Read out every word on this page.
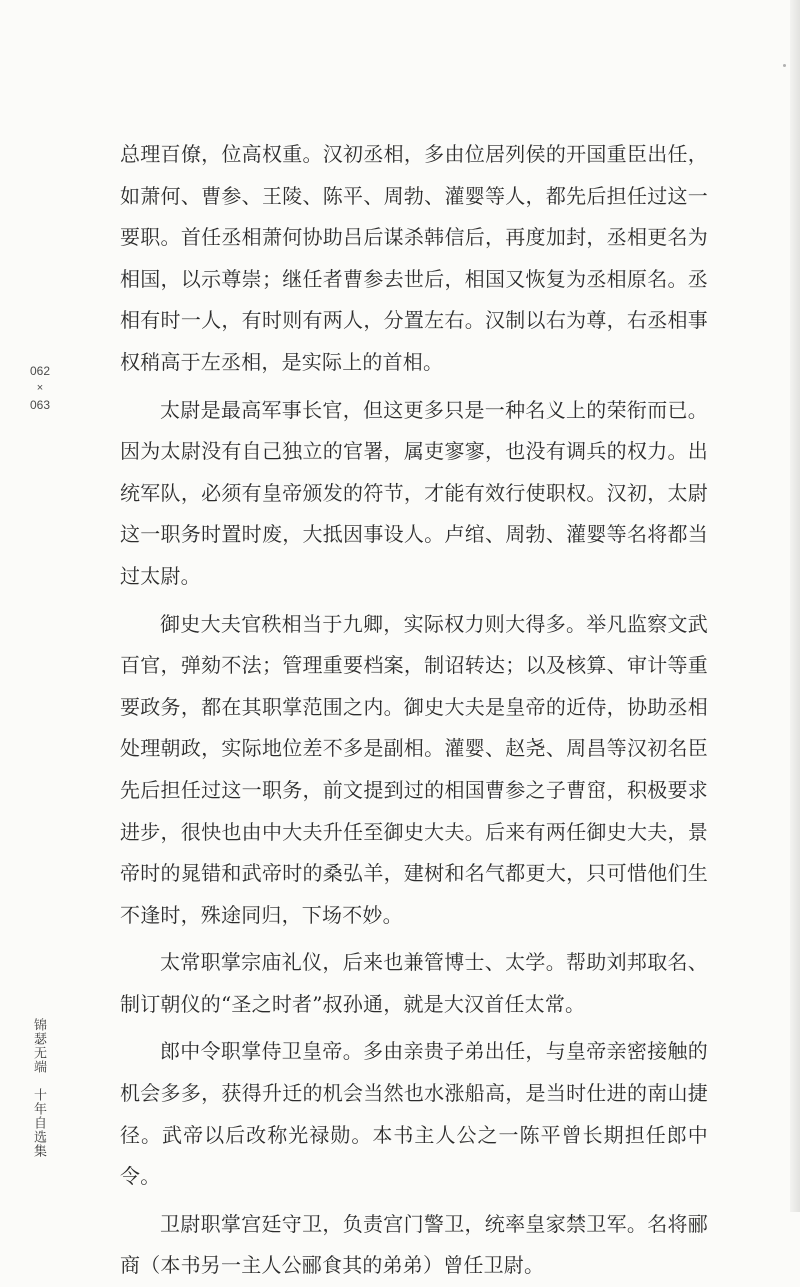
062
×
063
锦瑟无端十年自选集

总理百僚，位高权重。汉初丞相，多由位居列侯的开国重臣出任，如萧何、曹参、王陵、陈平、周勃、灌婴等人，都先后担任过这一要职。首任丞相萧何协助吕后谋杀韩信后，再度加封，丞相更名为相国，以示尊崇；继任者曹参去世后，相国又恢复为丞相原名。丞相有时一人，有时则有两人，分置左右。汉制以右为尊，右丞相事权稍高于左丞相，是实际上的首相。

太尉是最高军事长官，但这更多只是一种名义上的荣衔而已。因为太尉没有自己独立的官署，属吏寥寥，也没有调兵的权力。出统军队，必须有皇帝颁发的符节，才能有效行使职权。汉初，太尉这一职务时置时废，大抵因事设人。卢绾、周勃、灌婴等名将都当过太尉。

御史大夫官秩相当于九卿，实际权力则大得多。举凡监察文武百官，弹劾不法；管理重要档案，制诏转达；以及核算、审计等重要政务，都在其职掌范围之内。御史大夫是皇帝的近侍，协助丞相处理朝政，实际地位差不多是副相。灌婴、赵尧、周昌等汉初名臣先后担任过这一职务，前文提到过的相国曹参之子曹窋，积极要求进步，很快也由中大夫升任至御史大夫。后来有两任御史大夫，景帝时的晁错和武帝时的桑弘羊，建树和名气都更大，只可惜他们生不逢时，殊途同归，下场不妙。

太常职掌宗庙礼仪，后来也兼管博士、太学。帮助刘邦取名、制订朝仪的“圣之时者”叔孙通，就是大汉首任太常。

郎中令职掌侍卫皇帝。多由亲贵子弟出任，与皇帝亲密接触的机会多多，获得升迁的机会当然也水涨船高，是当时仕进的南山捷径。武帝以后改称光禄勋。本书主人公之一陈平曾长期担任郎中令。

卫尉职掌宫廷守卫，负责宫门警卫，统率皇家禁卫军。名将郦商（本书另一主人公郦食其的弟弟）曾任卫尉。
